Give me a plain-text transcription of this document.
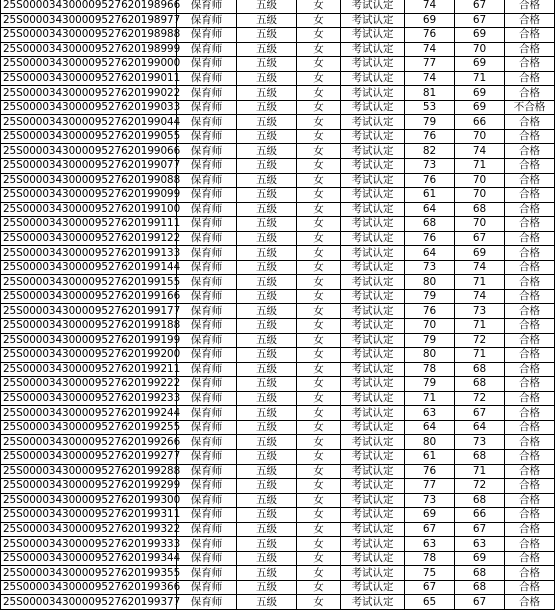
25S000034300009527620198966	保育师	五级	女	考试认定	74	67	合格
25S000034300009527620198977	保育师	五级	女	考试认定	69	67	合格
25S000034300009527620198988	保育师	五级	女	考试认定	76	69	合格
25S000034300009527620198999	保育师	五级	女	考试认定	74	70	合格
25S000034300009527620199000	保育师	五级	女	考试认定	77	69	合格
25S000034300009527620199011	保育师	五级	女	考试认定	74	71	合格
25S000034300009527620199022	保育师	五级	女	考试认定	81	69	合格
25S000034300009527620199033	保育师	五级	女	考试认定	53	69	不合格
25S000034300009527620199044	保育师	五级	女	考试认定	79	66	合格
25S000034300009527620199055	保育师	五级	女	考试认定	76	70	合格
25S000034300009527620199066	保育师	五级	女	考试认定	82	74	合格
25S000034300009527620199077	保育师	五级	女	考试认定	73	71	合格
25S000034300009527620199088	保育师	五级	女	考试认定	76	70	合格
25S000034300009527620199099	保育师	五级	女	考试认定	61	70	合格
25S000034300009527620199100	保育师	五级	女	考试认定	64	68	合格
25S000034300009527620199111	保育师	五级	女	考试认定	68	70	合格
25S000034300009527620199122	保育师	五级	女	考试认定	76	67	合格
25S000034300009527620199133	保育师	五级	女	考试认定	64	69	合格
25S000034300009527620199144	保育师	五级	女	考试认定	73	74	合格
25S000034300009527620199155	保育师	五级	女	考试认定	80	71	合格
25S000034300009527620199166	保育师	五级	女	考试认定	79	74	合格
25S000034300009527620199177	保育师	五级	女	考试认定	76	73	合格
25S000034300009527620199188	保育师	五级	女	考试认定	70	71	合格
25S000034300009527620199199	保育师	五级	女	考试认定	79	72	合格
25S000034300009527620199200	保育师	五级	女	考试认定	80	71	合格
25S000034300009527620199211	保育师	五级	女	考试认定	78	68	合格
25S000034300009527620199222	保育师	五级	女	考试认定	79	68	合格
25S000034300009527620199233	保育师	五级	女	考试认定	71	72	合格
25S000034300009527620199244	保育师	五级	女	考试认定	63	67	合格
25S000034300009527620199255	保育师	五级	女	考试认定	64	64	合格
25S000034300009527620199266	保育师	五级	女	考试认定	80	73	合格
25S000034300009527620199277	保育师	五级	女	考试认定	61	68	合格
25S000034300009527620199288	保育师	五级	女	考试认定	76	71	合格
25S000034300009527620199299	保育师	五级	女	考试认定	77	72	合格
25S000034300009527620199300	保育师	五级	女	考试认定	73	68	合格
25S000034300009527620199311	保育师	五级	女	考试认定	69	66	合格
25S000034300009527620199322	保育师	五级	女	考试认定	67	67	合格
25S000034300009527620199333	保育师	五级	女	考试认定	63	63	合格
25S000034300009527620199344	保育师	五级	女	考试认定	78	69	合格
25S000034300009527620199355	保育师	五级	女	考试认定	75	68	合格
25S000034300009527620199366	保育师	五级	女	考试认定	67	68	合格
25S000034300009527620199377	保育师	五级	女	考试认定	65	67	合格
